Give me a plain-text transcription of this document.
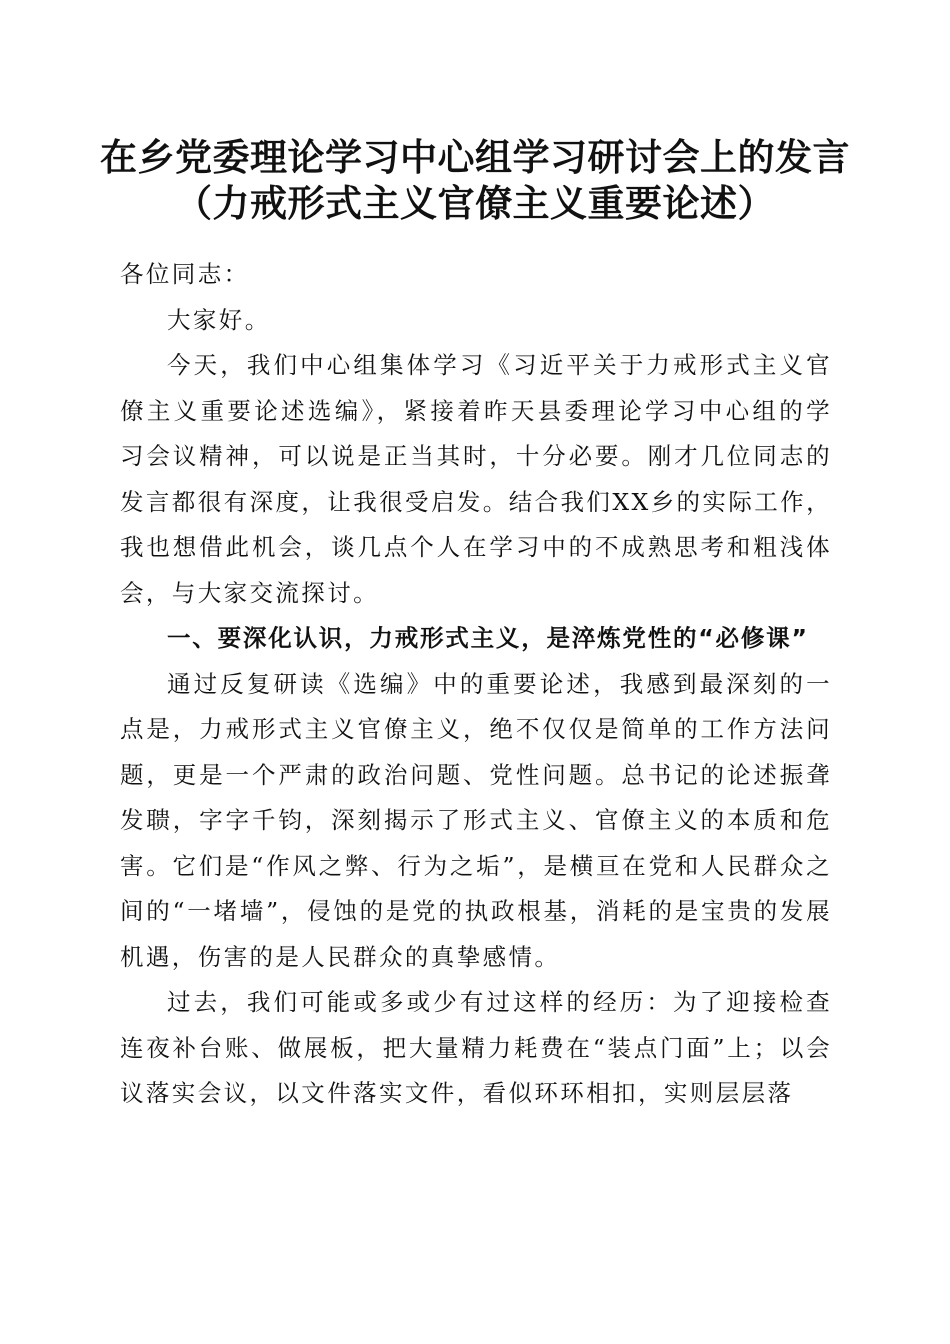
在乡党委理论学习中心组学习研讨会上的发言
（力戒形式主义官僚主义重要论述）

各位同志：

大家好。

今天，我们中心组集体学习《习近平关于力戒形式主义官僚主义重要论述选编》，紧接着昨天县委理论学习中心组的学习会议精神，可以说是正当其时，十分必要。刚才几位同志的发言都很有深度，让我很受启发。结合我们XX乡的实际工作，我也想借此机会，谈几点个人在学习中的不成熟思考和粗浅体会，与大家交流探讨。

一、要深化认识，力戒形式主义，是淬炼党性的“必修课”

通过反复研读《选编》中的重要论述，我感到最深刻的一点是，力戒形式主义官僚主义，绝不仅仅是简单的工作方法问题，更是一个严肃的政治问题、党性问题。总书记的论述振聋发聩，字字千钧，深刻揭示了形式主义、官僚主义的本质和危害。它们是“作风之弊、行为之垢”，是横亘在党和人民群众之间的“一堵墙”，侵蚀的是党的执政根基，消耗的是宝贵的发展机遇，伤害的是人民群众的真挚感情。

过去，我们可能或多或少有过这样的经历：为了迎接检查连夜补台账、做展板，把大量精力耗费在“装点门面”上；以会议落实会议，以文件落实文件，看似环环相扣，实则层层落
